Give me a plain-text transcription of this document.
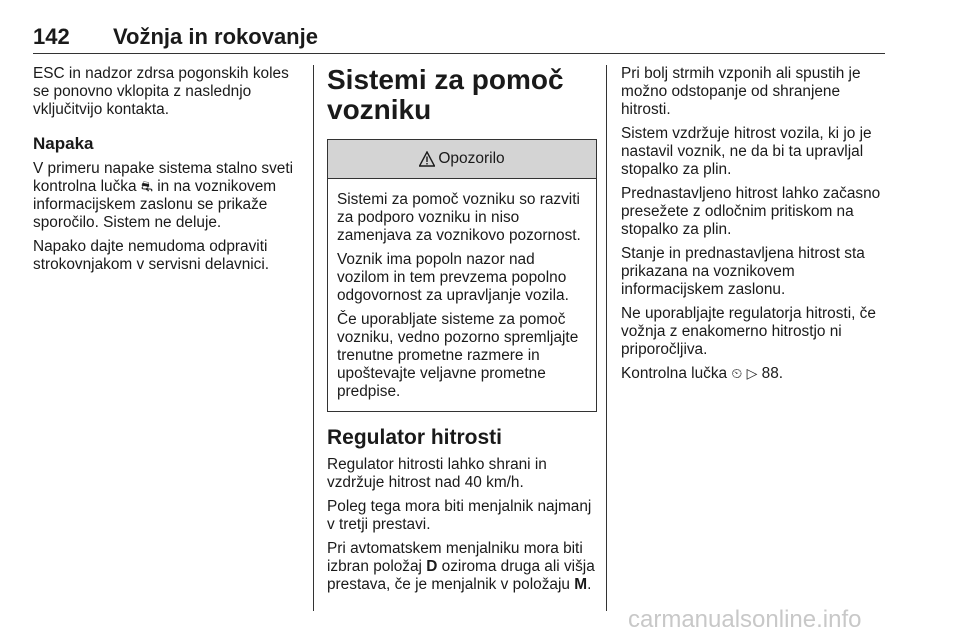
142 Vožnja in rokovanje

ESC in nadzor zdrsa pogonskih koles se ponovno vklopita z naslednjo vključitvijo kontakta.

Napaka

V primeru napake sistema stalno sveti kontrolna lučka ⛐ in na voznikovem informacijskem zaslonu se prikaže sporočilo. Sistem ne deluje.

Napako dajte nemudoma odpraviti strokovnjakom v servisni delavnici.

Sistemi za pomoč vozniku
Opozorilo

Sistemi za pomoč vozniku so razviti za podporo vozniku in niso zamenjava za voznikovo pozornost.

Voznik ima popoln nazor nad vozilom in tem prevzema popolno odgovornost za upravljanje vozila.

Če uporabljate sisteme za pomoč vozniku, vedno pozorno spremljajte trenutne prometne razmere in upoštevajte veljavne prometne predpise.

Regulator hitrosti

Regulator hitrosti lahko shrani in vzdržuje hitrost nad 40 km/h.

Poleg tega mora biti menjalnik najmanj v tretji prestavi.

Pri avtomatskem menjalniku mora biti izbran položaj D oziroma druga ali višja prestava, če je menjalnik v položaju M.

Pri bolj strmih vzponih ali spustih je možno odstopanje od shranjene hitrosti.

Sistem vzdržuje hitrost vozila, ki jo je nastavil voznik, ne da bi ta upravljal stopalko za plin.

Prednastavljeno hitrost lahko začasno presežete z odločnim pritiskom na stopalko za plin.

Stanje in prednastavljena hitrost sta prikazana na voznikovem informacijskem zaslonu.

Ne uporabljajte regulatorja hitrosti, če vožnja z enakomerno hitrostjo ni priporočljiva.

Kontrolna lučka ⏲ ▷ 88.

carmanualsonline.info
